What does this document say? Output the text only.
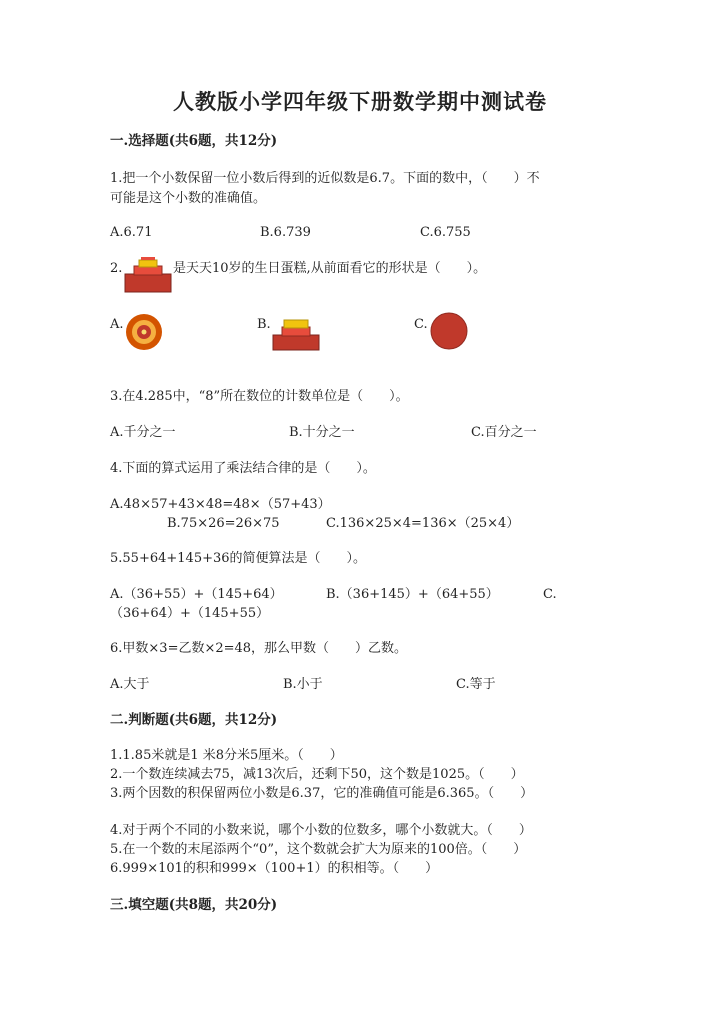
人教版小学四年级下册数学期中测试卷
一.选择题(共6题，共12分)
1.把一个小数保留一位小数后得到的近似数是6.7。下面的数中，（　　）不
可能是这个小数的准确值。
A.6.71	B.6.739	C.6.755
2.	是天天10岁的生日蛋糕,从前面看它的形状是（　　）。
A.	B.	C.
3.在4.285中，“8”所在数位的计数单位是（　　）。
A.千分之一	B.十分之一	C.百分之一
4.下面的算式运用了乘法结合律的是（　　）。
A.48×57+43×48=48×（57+43）
B.75×26=26×75	C.136×25×4=136×（25×4）
5.55+64+145+36的简便算法是（　　）。
A.（36+55）+（145+64）	B.（36+145）+（64+55）	C.
（36+64）+（145+55）
6.甲数×3=乙数×2=48，那么甲数（　　）乙数。
A.大于	B.小于	C.等于
二.判断题(共6题，共12分)
1.1.85米就是1 米8分米5厘米。（　　）
2.一个数连续减去75，减13次后，还剩下50，这个数是1025。（　　）
3.两个因数的积保留两位小数是6.37，它的准确值可能是6.365。（　　）
4.对于两个不同的小数来说，哪个小数的位数多，哪个小数就大。（　　）
5.在一个数的末尾添两个“0”，这个数就会扩大为原来的100倍。（　　）
6.999×101的积和999×（100+1）的积相等。（　　）
三.填空题(共8题，共20分)
